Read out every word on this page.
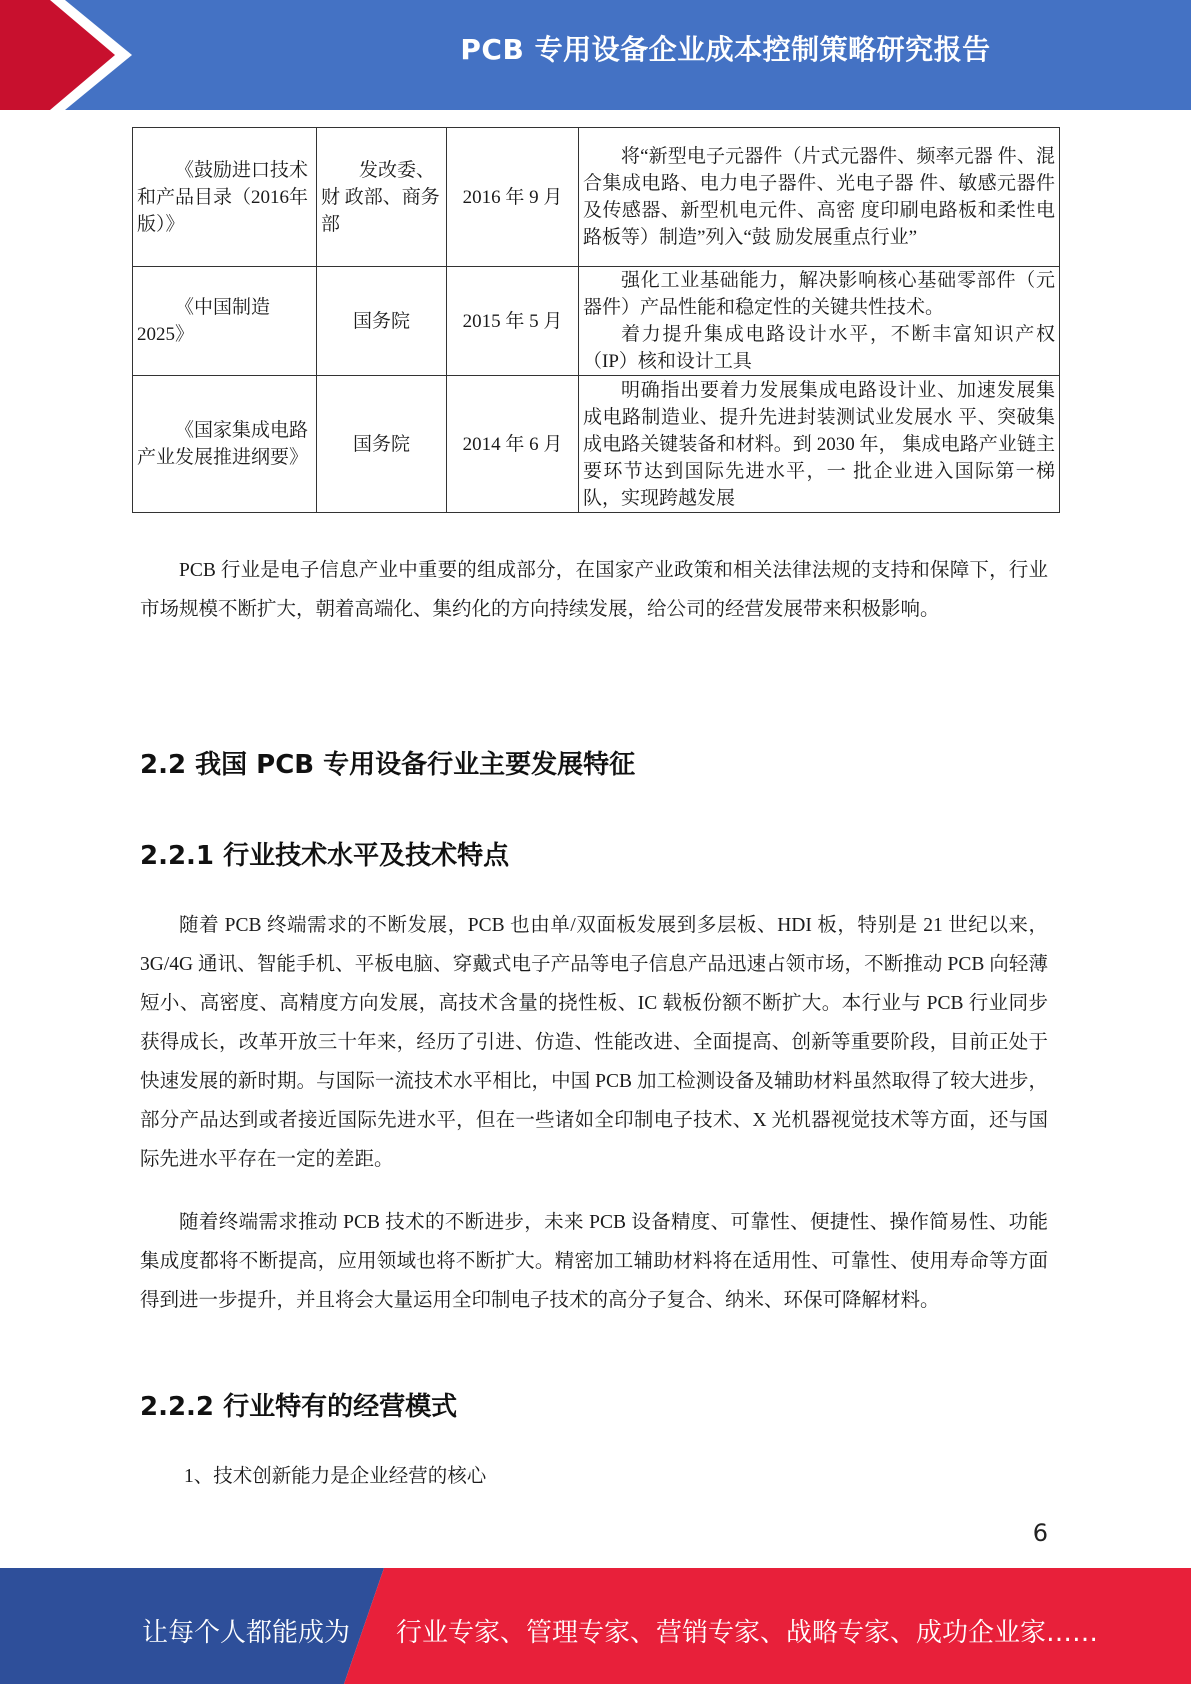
PCB 专用设备企业成本控制策略研究报告

《鼓励进口技术和产品目录（2016年版）》	发改委、财 政部、商务 部	2016 年 9 月	将“新型电子元器件（片式元器件、频率元器 件、混合集成电路、电力电子器件、光电子器 件、敏感元器件及传感器、新型机电元件、高密 度印刷电路板和柔性电路板等）制造”列入“鼓 励发展重点行业”

《中国制造 2025》	国务院	2015 年 5 月	强化工业基础能力，解决影响核心基础零部件（元器件）产品性能和稳定性的关键共性技术。

着力提升集成电路设计水平，不断丰富知识产权（IP）核和设计工具

《国家集成电路产业发展推进纲要》	国务院	2014 年 6 月	明确指出要着力发展集成电路设计业、加速发展集成电路制造业、提升先进封装测试业发展水 平、突破集成电路关键装备和材料。到 2030 年， 集成电路产业链主要环节达到国际先进水平，一 批企业进入国际第一梯队，实现跨越发展

PCB 行业是电子信息产业中重要的组成部分，在国家产业政策和相关法律法规的支持和保障下，行业市场规模不断扩大，朝着高端化、集约化的方向持续发展，给公司的经营发展带来积极影响。

2.2 我国 PCB 专用设备行业主要发展特征
2.2.1 行业技术水平及技术特点

随着 PCB 终端需求的不断发展，PCB 也由单/双面板发展到多层板、HDI 板，特别是 21 世纪以来，3G/4G 通讯、智能手机、平板电脑、穿戴式电子产品等电子信息产品迅速占领市场，不断推动 PCB 向轻薄短小、高密度、高精度方向发展，高技术含量的挠性板、IC 载板份额不断扩大。本行业与 PCB 行业同步获得成长，改革开放三十年来，经历了引进、仿造、性能改进、全面提高、创新等重要阶段，目前正处于快速发展的新时期。与国际一流技术水平相比，中国 PCB 加工检测设备及辅助材料虽然取得了较大进步，部分产品达到或者接近国际先进水平，但在一些诸如全印制电子技术、X 光机器视觉技术等方面，还与国际先进水平存在一定的差距。

随着终端需求推动 PCB 技术的不断进步，未来 PCB 设备精度、可靠性、便捷性、操作简易性、功能集成度都将不断提高，应用领域也将不断扩大。精密加工辅助材料将在适用性、可靠性、使用寿命等方面得到进一步提升，并且将会大量运用全印制电子技术的高分子复合、纳米、环保可降解材料。

2.2.2 行业特有的经营模式

1、技术创新能力是企业经营的核心

6
让每个人都能成为 行业专家、管理专家、营销专家、战略专家、成功企业家……
